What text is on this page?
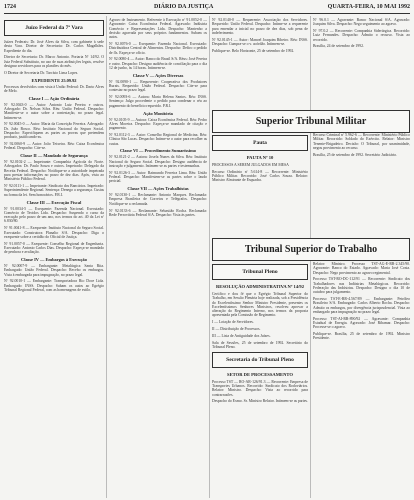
1724	DIÁRIO DA JUSTIÇA	QUARTA-FEIRA, 10 MAI 1992
Juízo Federal da 7ª Vara

Juízes Federais: Dr. José Alves da Silva, com gabinete à sede desta Vara. Diretor de Secretaria: Dr. Carlos Magalhães. Expediente do dia.

Diretor de Secretaria: Dr. Marco Antonio. Portaria Nº 14/92. O Juiz Federal Substituto, no uso de suas atribuições legais, resolve designar servidores para os plantões do mês.

O Diretor de Secretaria Dr. Tarcísio Lima Lopes.

EXPEDIENTE 25.09.92

Processos devolvidos com vista à União Federal: Dr. Dario Alves de Melo.

Classe I — Ação Ordinária

Nº 92.0043-0 — Autor: Antonio Luiz Pereira e outros. Advogado: Dr. Nelson Silva. Réu: União Federal. Despacho: Manifeste-se o autor sobre a contestação, no prazo legal. Intimem-se.

Nº 92.0045-0 — Autor: Maria da Conceição Ferreira. Advogado: Dr. João Bosco. Réu: Instituto Nacional do Seguro Social. Despacho: Especifiquem as partes as provas que pretendem produzir, justificando-as.

Nº 92.0060-9 — Autor: João Teixeira. Réu: Caixa Econômica Federal. Despacho: Cite-se.

Classe II — Mandado de Segurança

Nº 92.0102-2 — Impetrante: Companhia Agrícola do Norte. Advogados: Dr. Paulo Souza e outros. Impetrado: Delegado da Receita Federal. Despacho: Notifique-se a autoridade impetrada para prestar informações no prazo de dez dias. Após, vista ao Ministério Público Federal.

Nº 92.0111-1 — Impetrante: Sindicato dos Bancários. Impetrado: Superintendente Regional. Sentença: Denego a segurança. Custas na forma da lei. Sem honorários. P.R.I.

Classe III — Execução Fiscal

Nº 91.0034-5 — Exequente: Fazenda Nacional. Executado: Comércio de Tecidos Ltda. Despacho: Suspendo o curso da execução pelo prazo de um ano, nos termos do art. 40 da Lei nº 6.830/80.

Nº 91.0041-8 — Exequente: Instituto Nacional do Seguro Social. Executado: Construtora Planalto S/A. Despacho: Diga o exequente sobre a certidão do Oficial de Justiça.

Nº 91.0057-0 — Exequente: Conselho Regional de Engenharia. Executado: Antonio Carlos Dias. Despacho: Expeça-se mandado de penhora e avaliação.

Classe IV — Embargos à Execução

Nº 92.0007-9 — Embargante: Metalúrgica Santa Rita. Embargado: União Federal. Despacho: Recebo os embargos. Vista à embargada para impugnação, no prazo legal.

Nº 92.0010-1 — Embargante: Transportadora Rio Doce Ltda. Embargado: INSS. Despacho: Subam os autos ao Egrégio Tribunal Regional Federal, com as homenagens de estilo.

Agravo de Instrumento. Referente à Execução nº 91.0052-0 — Agravante: Caixa Econômica Federal. Agravado: Indústria Comércio e Representações Ltda. Despacho: Mantenho a decisão agravada por seus próprios fundamentos. Subam os autos.

Nº 92.0076-0 — Exequente: Fazenda Nacional. Executado: Distribuidora Central de Alimentos. Despacho: Defiro o pedido de fls. Expeça-se ofício.

Nº 92.0080-4 — Autor: Banco do Brasil S/A. Réus: José Pereira e outro. Despacho: Designo audiência de conciliação para o dia 12 de junho, às 14 horas. Intimem-se.

Classe V — Ações Diversas

Nº 92.0090-1 — Requerente: Cooperativa dos Produtores Rurais. Requerido: União Federal. Despacho: Cite-se para contestar no prazo legal.

Nº 92.0093-6 — Autora: Maria Helena Santos. Réu: INSS. Sentença: Julgo procedente o pedido para condenar o réu ao pagamento do benefício requerido. P.R.I.

Ação Monitória

Nº 92.0105-9 — Autora: Caixa Econômica Federal. Réu: Pedro Alves Moreira. Despacho: Expeça-se mandado de citação e pagamento.

Nº 92.0112-3 — Autor: Conselho Regional de Medicina. Réu: Clínica São Lucas. Despacho: Intime-se o autor para recolher as custas.

Classe VI — Procedimento Sumaríssimo

Nº 92.0121-2 — Autora: Josefa Nunes da Silva. Réu: Instituto Nacional do Seguro Social. Despacho: Designo audiência de instrução e julgamento. Intimem-se as partes e testemunhas.

Nº 92.0126-3 — Autor: Raimundo Ferreira Lima. Réu: União Federal. Despacho: Manifestem-se as partes sobre o laudo pericial.

Classe VII — Ações Trabalhistas

Nº 92.0130-1 — Reclamante: Antonio Marques. Reclamada: Empresa Brasileira de Correios e Telégrafos. Despacho: Notifique-se a reclamada.

Nº 92.0133-6 — Reclamante: Sebastião Rocha. Reclamada: Rede Ferroviária Federal S/A. Despacho: Vista às partes.

Nº 92.0140-0 — Requerente: Associação dos Servidores. Requerido: União Federal. Despacho: Intime-se a requerente para emendar a inicial no prazo de dez dias, sob pena de indeferimento.

Nº 92.0145-1 — Autor: Manoel Joaquim Ribeiro. Réu: INSS. Despacho: Cumpra-se o v. acórdão. Intimem-se.

Publique-se. Belo Horizonte, 25 de setembro de 1992.

Nº 96.0.1 — Agravante: Banco Nacional S/A. Agravado: Joaquim Silva. Despacho: Nego seguimento ao agravo.

Nº 97.0.2 — Recorrente: Companhia Siderúrgica. Recorrido: Luiz Fernandes. Despacho: Admito o recurso. Vista ao recorrido.

Brasília, 24 de setembro de 1992.

Superior Tribunal Militar
Pauta
PAUTA Nº 10

PROCESSOS A SEREM JULGADOS EM MESA

Recurso Ordinário nº 5.614-8 — Recorrente: Ministério Público Militar. Recorrido: José Carlos Souza. Relator: Ministro Almirante de Esquadra.

Recurso Criminal nº 5.962-6 — Recorrente: Ministério Público Militar. Recorrido: Soldado do Exército. Relator: Ministro Tenente-Brigadeiro. Decisão: O Tribunal, por unanimidade, negou provimento ao recurso.

Brasília, 25 de setembro de 1992. Secretário Judiciário.

Tribunal Superior do Trabalho
Tribunal Pleno
RESOLUÇÃO ADMINISTRATIVA Nº 14/92

Certifico e dou fé que o Egrégio Tribunal Superior do Trabalho, em Sessão Plenária hoje realizada, sob a Presidência do Excelentíssimo Senhor Ministro Presidente, presentes os Excelentíssimos Senhores Ministros, resolveu aprovar a alteração do Regimento Interno, nos termos da proposta apresentada pela Comissão de Regimento.

I — Lotação de Servidores.

II — Distribuição de Processos.

III — Lista de Antiguidade dos Juízes.

Sala de Sessões, 25 de setembro de 1992. Secretário do Tribunal Pleno.

Secretaria do Tribunal Pleno
SETOR DE PROCESSAMENTO

Processo TST — RO-AR-126/91.3 — Recorrente: Empresa de Transportes Urbanos. Recorrido: Sindicato dos Rodoviários. Relator: Ministro. Despacho: Vista ao recorrido para contrarrazões.

Despacho do Exmo. Sr. Ministro Relator. Intimem-se as partes.

Relator: Ministro. Processo TST-AG-E-RR-2.345/90. Agravante: Banco do Estado. Agravado: Maria José Costa. Despacho: Nego provimento ao agravo regimental.

Processo TST-RO-DC-112/91 — Recorrente: Sindicato dos Trabalhadores nas Indústrias Metalúrgicas. Recorrido: Federação das Indústrias. Despacho: Designo o dia 10 de outubro para julgamento.

Processo TST-E-RR-4.567/89 — Embargante: Petróleo Brasileiro S/A. Embargado: Carlos Alberto Rocha. Despacho: Admito os embargos, por divergência jurisprudencial. Vista ao embargado para impugnação no prazo legal.

Processo TST-AI-RR-890/92 — Agravante: Companhia Estadual de Energia. Agravado: José Ribamar. Despacho: Processe-se o agravo.

Publique-se. Brasília, 25 de setembro de 1992. Ministro Presidente.
